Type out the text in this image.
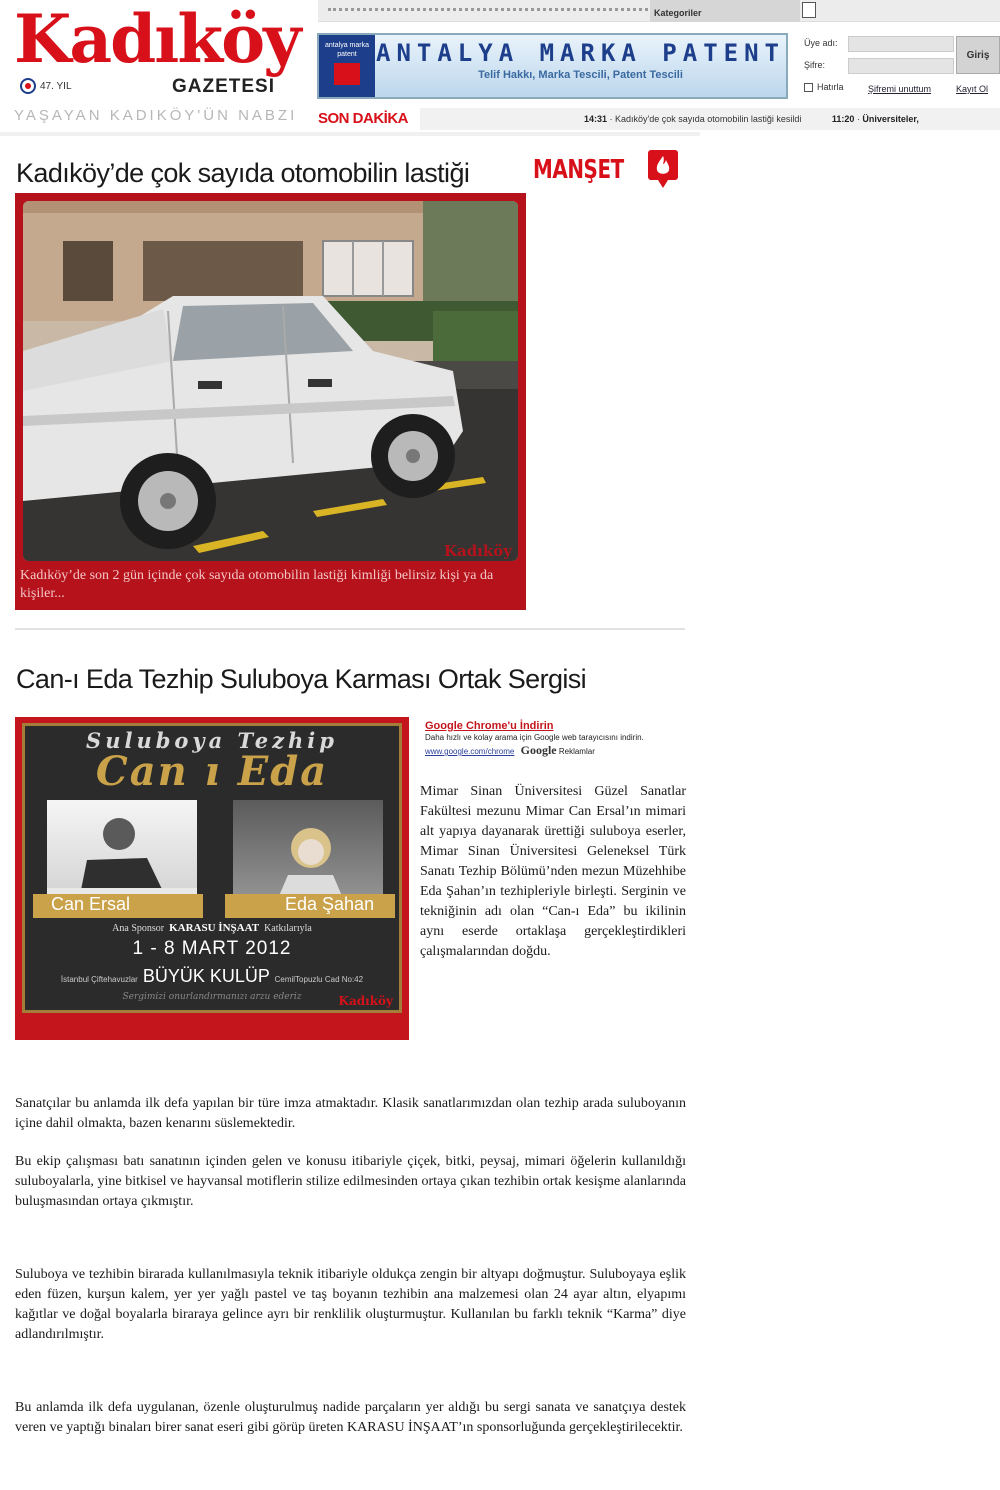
Kategoriler
Kadıköy
47. YIL	GAZETESI
YAŞAYAN KADIKÖY'ÜN NABZI
antalya marka patent ANTALYA MARKA PATENT
Telif Hakkı, Marka Tescili, Patent Tescili
Üye adı:
Şifre:
Giriş
Hatırla	Şifremi unuttum	Kayıt Ol
SON DAKİKA	14:31 · Kadıköy'de çok sayıda otomobilin lastiği kesildi	11:20 · Üniversiteler,
Kadıköy’de çok sayıda otomobilin lastiği MANŞET
Kadıköy
Kadıköy’de son 2 gün içinde çok sayıda otomobilin lastiği kimliği belirsiz kişi ya da kişiler...
Can-ı Eda Tezhip Suluboya Karması Ortak Sergisi
Suluboya Tezhip
Can ı Eda
Can Ersal	Eda Şahan
Ana Sponsor KARASU İNŞAAT Katkılarıyla
1 - 8 MART 2012
İstanbul Çiftehavuzlar BÜYÜK KULÜP CemilTopuzlu Cad No:42
Sergimizi onurlandırmanızı arzu ederiz	Kadıköy
Google Chrome'u İndirin
Daha hızlı ve kolay arama için Google web tarayıcısını indirin.
www.google.com/chrome Google Reklamlar

Mimar Sinan Üniversitesi Güzel Sanatlar Fakültesi mezunu Mimar Can Ersal’ın mimari alt yapıya dayanarak ürettiği suluboya eserler, Mimar Sinan Üniversitesi Geleneksel Türk Sanatı Tezhip Bölümü’nden mezun Müzehhibe Eda Şahan’ın tezhipleriyle birleşti. Serginin ve tekniğinin adı olan “Can-ı Eda” bu ikilinin aynı eserde ortaklaşa gerçekleştirdikleri çalışmalarından doğdu.

Sanatçılar bu anlamda ilk defa yapılan bir türe imza atmaktadır. Klasik sanatlarımızdan olan tezhip arada suluboyanın içine dahil olmakta, bazen kenarını süslemektedir.

Bu ekip çalışması batı sanatının içinden gelen ve konusu itibariyle çiçek, bitki, peysaj, mimari öğelerin kullanıldığı suluboyalarla, yine bitkisel ve hayvansal motiflerin stilize edilmesinden ortaya çıkan tezhibin ortak kesişme alanlarında buluşmasından ortaya çıkmıştır.

Suluboya ve tezhibin birarada kullanılmasıyla teknik itibariyle oldukça zengin bir altyapı doğmuştur. Suluboyaya eşlik eden füzen, kurşun kalem, yer yer yağlı pastel ve taş boyanın tezhibin ana malzemesi olan 24 ayar altın, elyapımı kağıtlar ve doğal boyalarla biraraya gelince ayrı bir renklilik oluşturmuştur. Kullanılan bu farklı teknik “Karma” diye adlandırılmıştır.

Bu anlamda ilk defa uygulanan, özenle oluşturulmuş nadide parçaların yer aldığı bu sergi sanata ve sanatçıya destek veren ve yaptığı binaları birer sanat eseri gibi görüp üreten KARASU İNŞAAT’ın sponsorluğunda gerçekleştirilecektir.
